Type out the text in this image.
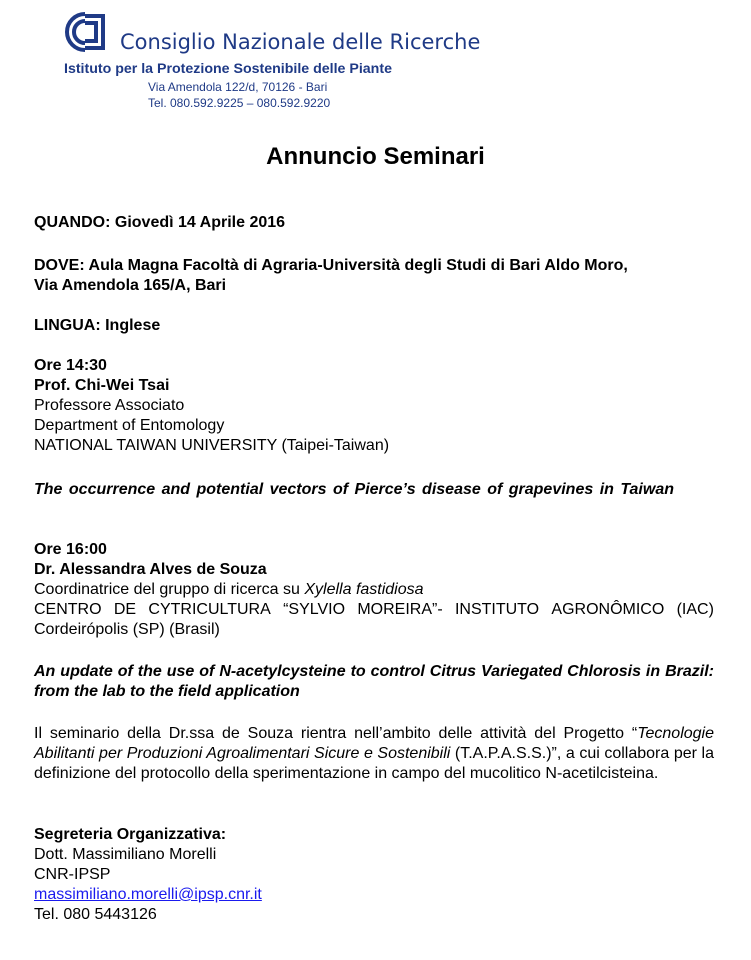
Consiglio Nazionale delle Ricerche
Istituto per la Protezione Sostenibile delle Piante
Via Amendola 122/d, 70126 - Bari
Tel. 080.592.9225 – 080.592.9220
Annuncio Seminari
QUANDO: Giovedì 14 Aprile 2016
DOVE: Aula Magna Facoltà di Agraria-Università degli Studi di Bari Aldo Moro,
Via Amendola 165/A, Bari
LINGUA: Inglese
Ore 14:30
Prof. Chi-Wei Tsai
Professore Associato
Department of Entomology
NATIONAL TAIWAN UNIVERSITY (Taipei-Taiwan)
The occurrence and potential vectors of Pierce’s disease of grapevines in Taiwan
Ore 16:00
Dr. Alessandra Alves de Souza
Coordinatrice del gruppo di ricerca su Xylella fastidiosa
CENTRO DE CYTRICULTURA “SYLVIO MOREIRA”- INSTITUTO AGRONÔMICO (IAC)
Cordeirópolis (SP) (Brasil)
An update of the use of N-acetylcysteine to control Citrus Variegated Chlorosis in Brazil: from the lab to the field application
Il seminario della Dr.ssa de Souza rientra nell’ambito delle attività del Progetto “Tecnologie Abilitanti per Produzioni Agroalimentari Sicure e Sostenibili (T.A.P.A.S.S.)”, a cui collabora per la definizione del protocollo della sperimentazione in campo del mucolitico N-acetilcisteina.
Segreteria Organizzativa:
Dott. Massimiliano Morelli
CNR-IPSP
massimiliano.morelli@ipsp.cnr.it
Tel. 080 5443126
